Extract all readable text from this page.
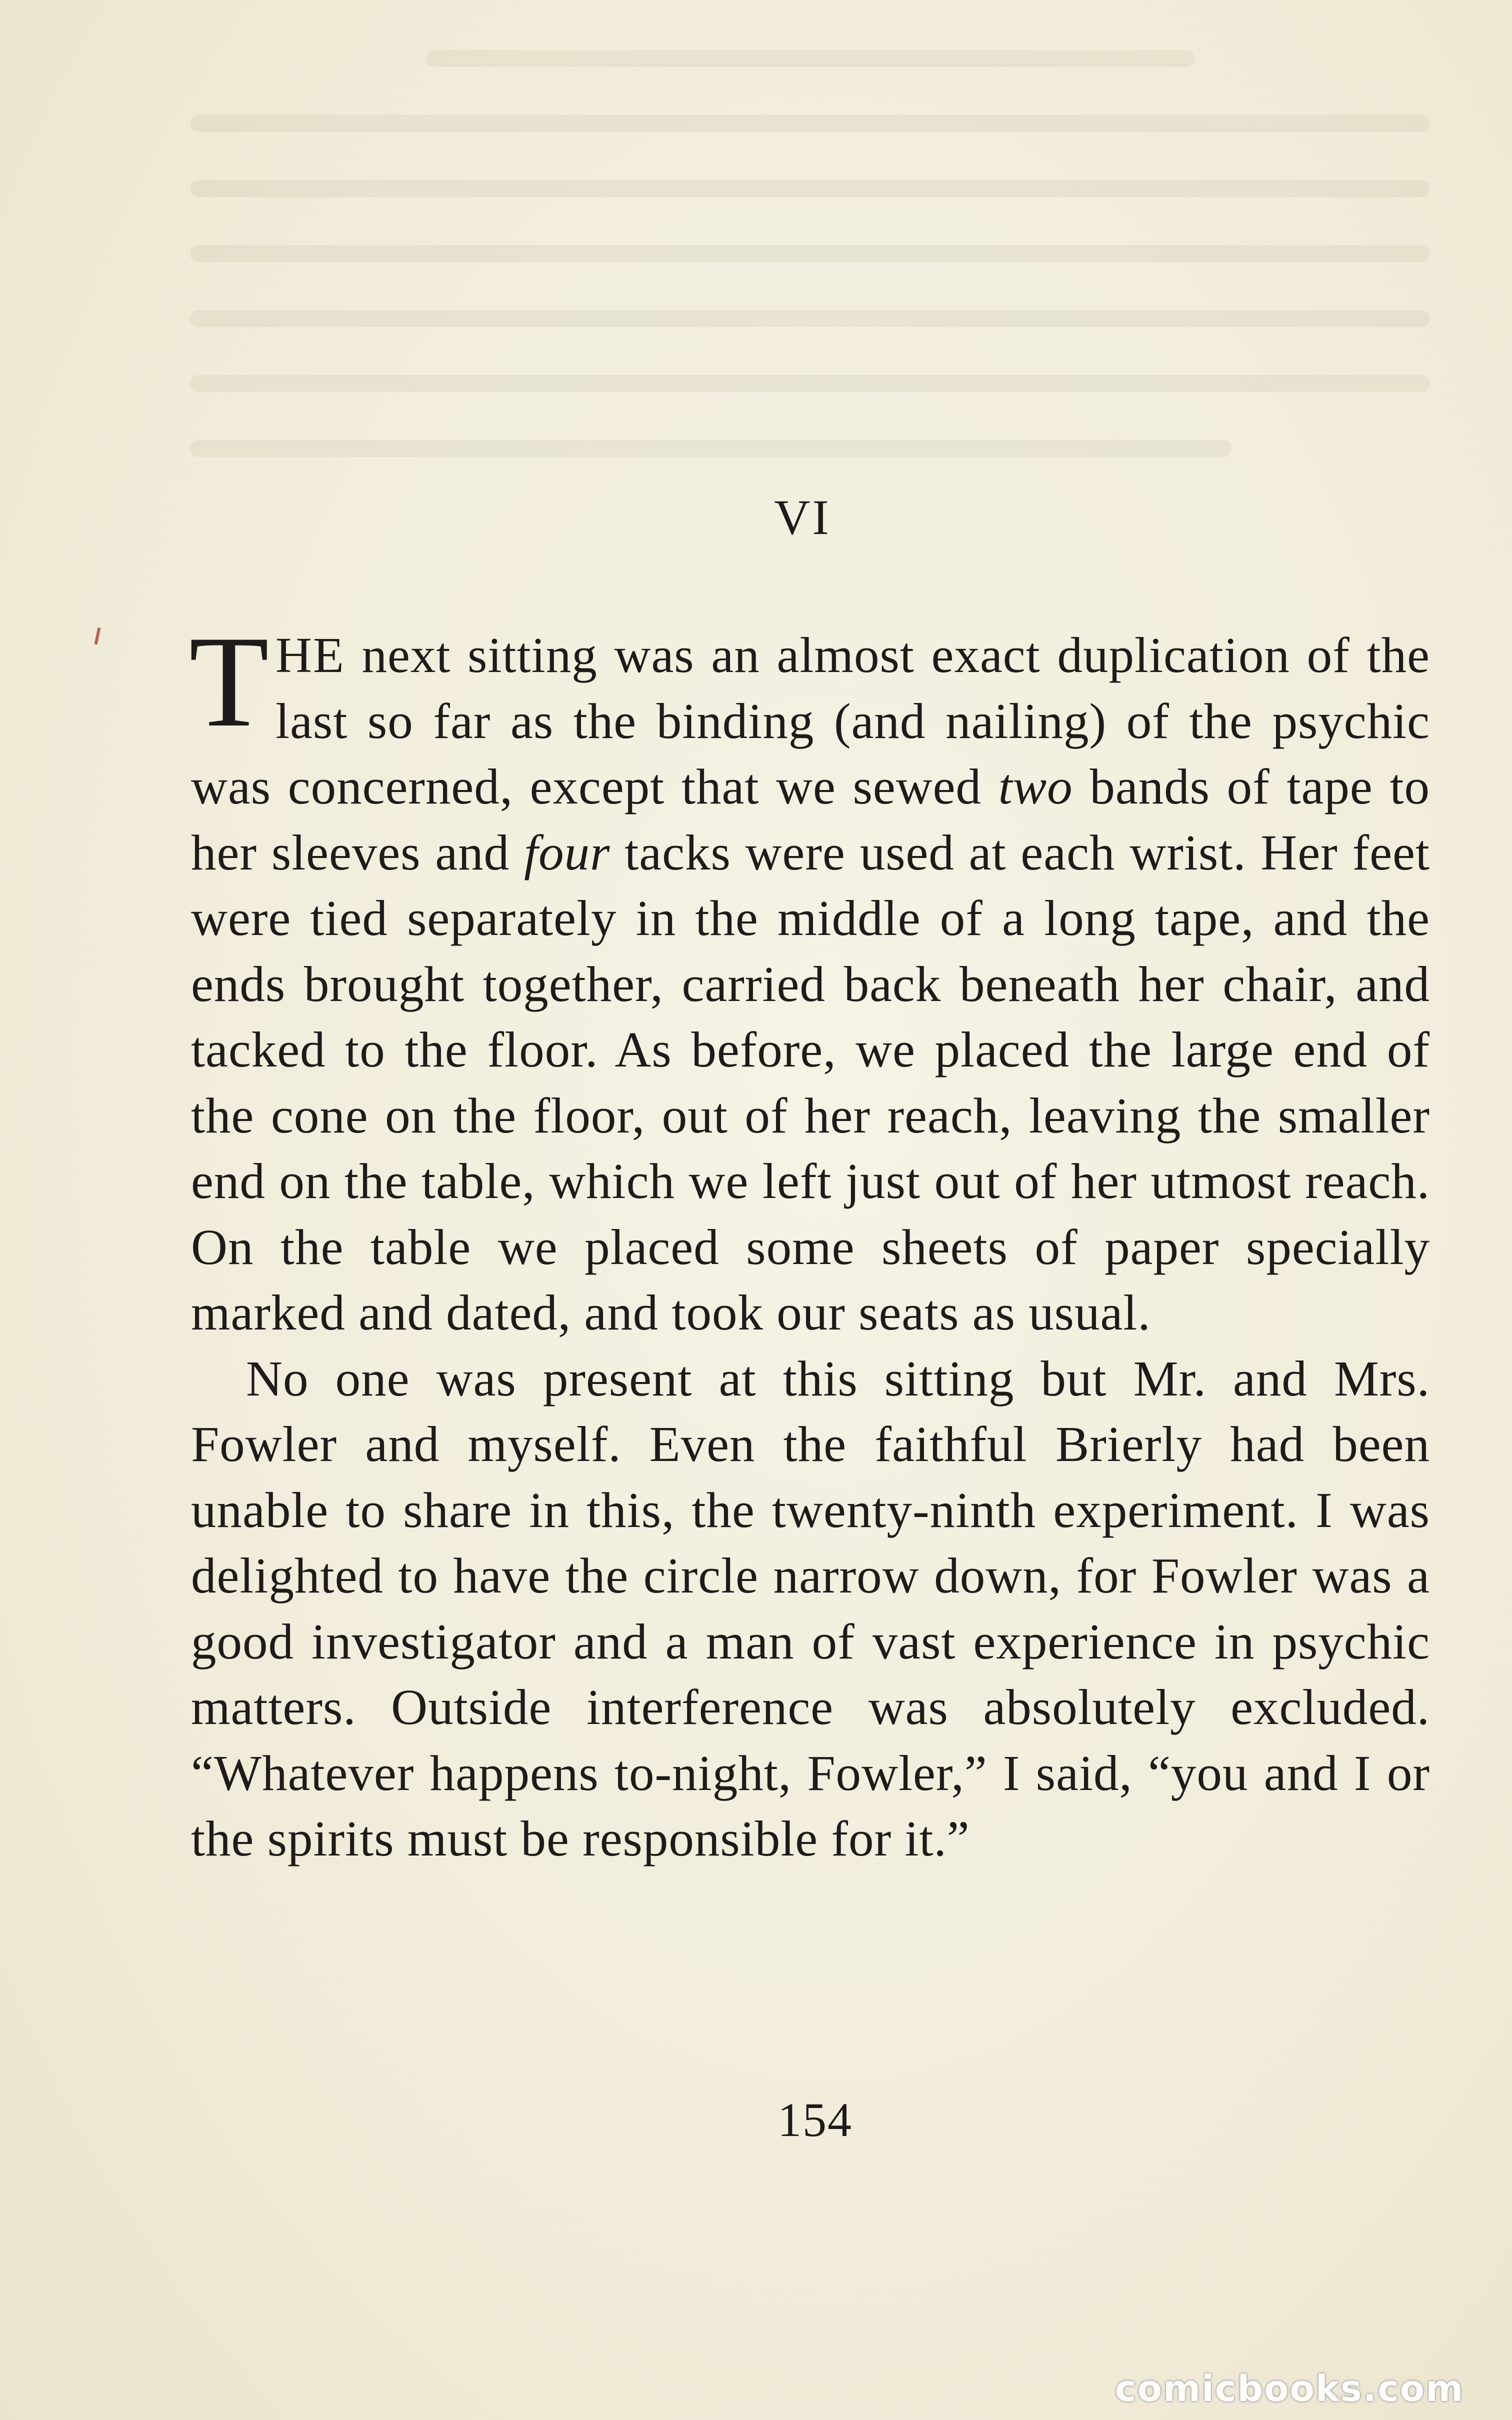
VI

THE next sitting was an almost exact duplication of the last so far as the binding (and nailing) of the psychic was concerned, except that we sewed two bands of tape to her sleeves and four tacks were used at each wrist. Her feet were tied separately in the middle of a long tape, and the ends brought together, carried back beneath her chair, and tacked to the floor. As before, we placed the large end of the cone on the floor, out of her reach, leaving the smaller end on the table, which we left just out of her utmost reach. On the table we placed some sheets of paper specially marked and dated, and took our seats as usual.

No one was present at this sitting but Mr. and Mrs. Fowler and myself. Even the faithful Brierly had been unable to share in this, the twenty-ninth experiment. I was delighted to have the circle narrow down, for Fowler was a good investigator and a man of vast experience in psychic matters. Outside interference was absolutely excluded. “Whatever happens to-night, Fowler,” I said, “you and I or the spirits must be responsible for it.”

154
comicbooks.com
